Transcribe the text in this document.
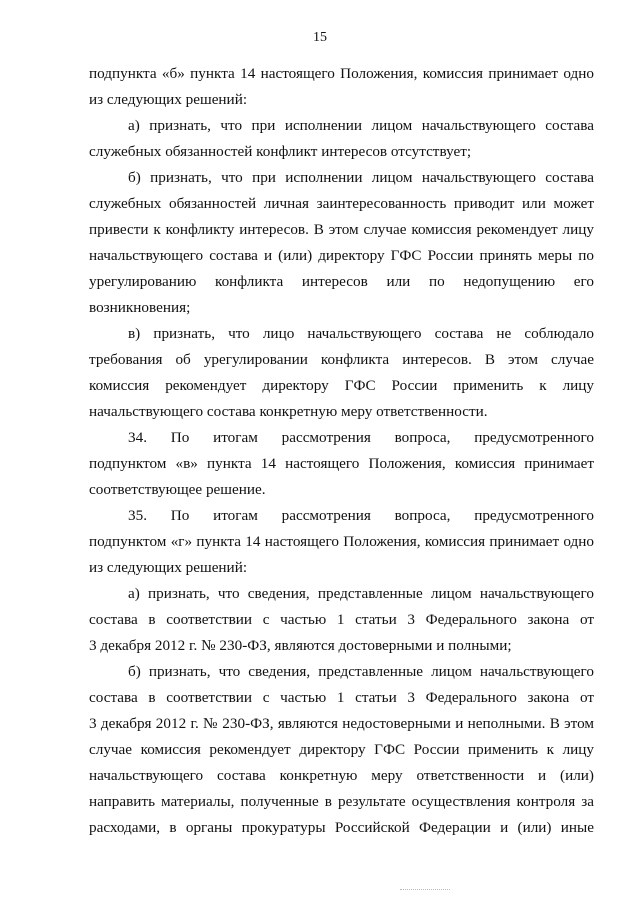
15
подпункта «б» пункта 14 настоящего Положения, комиссия принимает одно
из следующих решений:
а) признать, что при исполнении лицом начальствующего состава
служебных обязанностей конфликт интересов отсутствует;
б) признать, что при исполнении лицом начальствующего состава
служебных обязанностей личная заинтересованность приводит или может
привести к конфликту интересов. В этом случае комиссия рекомендует лицу
начальствующего состава и (или) директору ГФС России принять меры по
урегулированию конфликта интересов или по недопущению его
возникновения;
в) признать, что лицо начальствующего состава не соблюдало
требования об урегулировании конфликта интересов. В этом случае
комиссия рекомендует директору ГФС России применить к лицу
начальствующего состава конкретную меру ответственности.
34. По итогам рассмотрения вопроса, предусмотренного
подпунктом «в» пункта 14 настоящего Положения, комиссия принимает
соответствующее решение.
35. По итогам рассмотрения вопроса, предусмотренного
подпунктом «г» пункта 14 настоящего Положения, комиссия принимает одно
из следующих решений:
а) признать, что сведения, представленные лицом начальствующего
состава в соответствии с частью 1 статьи 3 Федерального закона от
3 декабря 2012 г. № 230-ФЗ, являются достоверными и полными;
б) признать, что сведения, представленные лицом начальствующего
состава в соответствии с частью 1 статьи 3 Федерального закона от
3 декабря 2012 г. № 230-ФЗ, являются недостоверными и неполными. В этом
случае комиссия рекомендует директору ГФС России применить к лицу
начальствующего состава конкретную меру ответственности и (или)
направить материалы, полученные в результате осуществления контроля за
расходами, в органы прокуратуры Российской Федерации и (или) иные
